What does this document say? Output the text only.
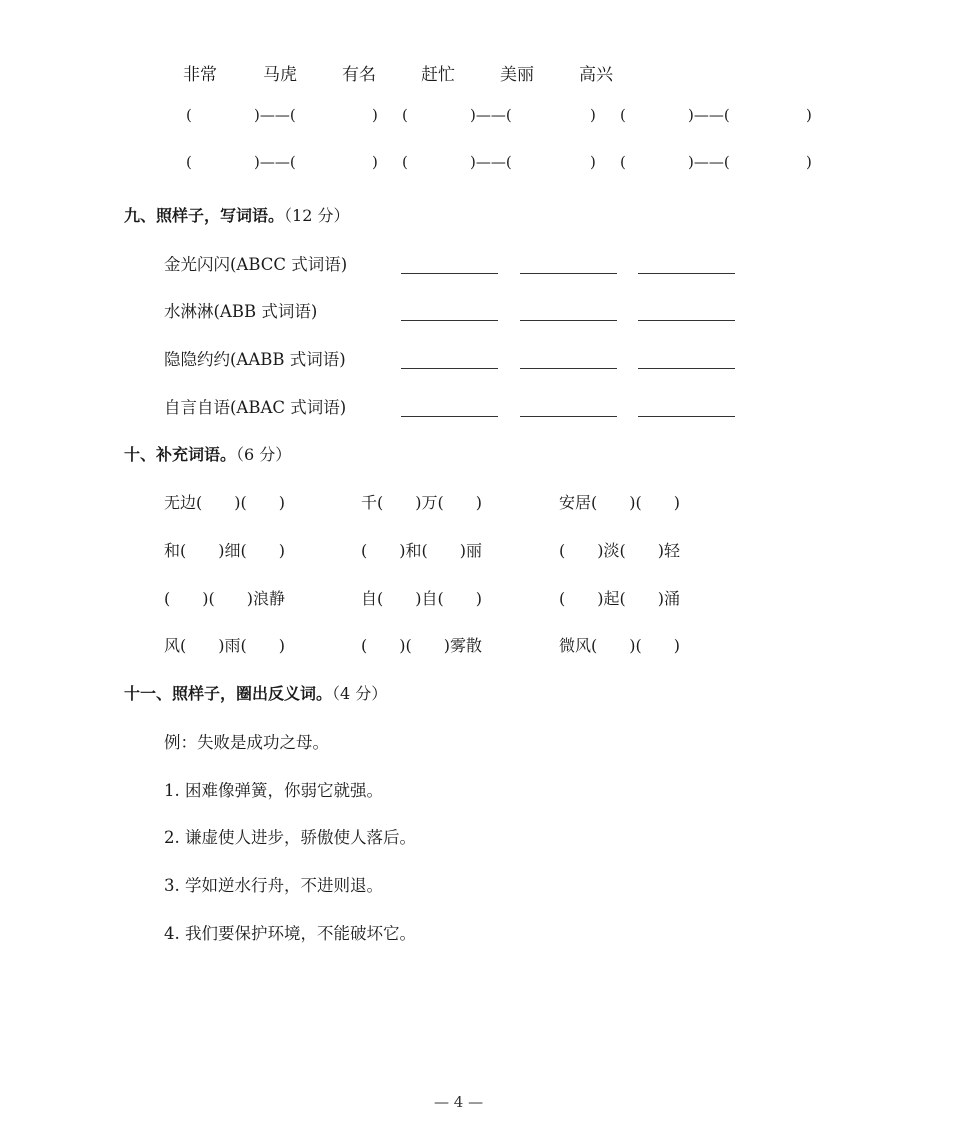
非常	马虎	有名	赶忙	美丽	高兴
(	)——(	) (	)——(	) (	)——(	)
(	)——(	) (	)——(	) (	)——(	)
九、照样子，写词语。（12 分）
金光闪闪(ABCC 式词语)
水淋淋(ABB 式词语)
隐隐约约(AABB 式词语)
自言自语(ABAC 式词语)
十、补充词语。（6 分）
无边(　　)(　　)	千(　　)万(　　)	安居(　　)(　　)
和(　　)细(　　)	(　　)和(　　)丽	(　　)淡(　　)轻
(　　)(　　)浪静	自(　　)自(　　)	(　　)起(　　)涌
风(　　)雨(　　)	(　　)(　　)雾散	微风(　　)(　　)
十一、照样子，圈出反义词。（4 分）
例：失败是成功之母。
1. 困难像弹簧，你弱它就强。
2. 谦虚使人进步，骄傲使人落后。
3. 学如逆水行舟，不进则退。
4. 我们要保护环境，不能破坏它。
— 4 —
